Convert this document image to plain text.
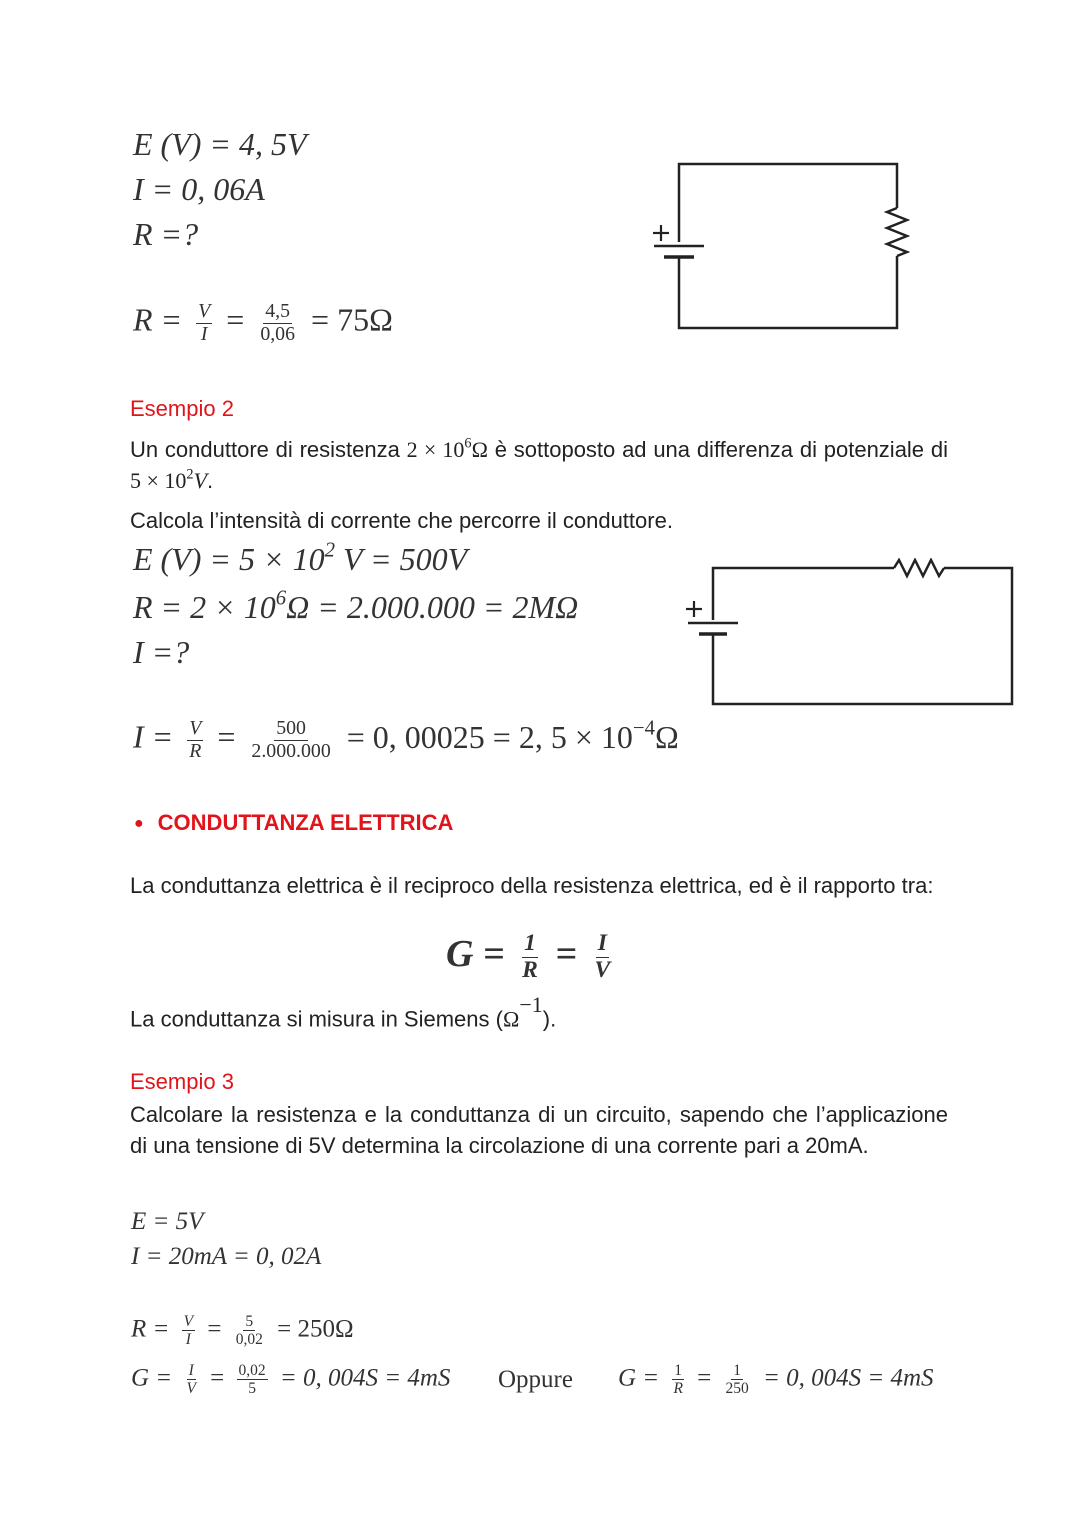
E (V) = 4, 5V
I = 0, 06A
R =?
$R = \frac{V}{I} = \frac{4,5}{0,06} = 75\Omega$
Esempio 2
Un conduttore di resistenza $2 \times 10^6\Omega$ è sottoposto ad una differenza di potenziale di $5 \times 10^2V$.
Calcola l’intensità di corrente che percorre il conduttore.
E $(V) = 5 \times 10^2$ V = 500V
$R = 2 \times 10^6\Omega = 2.000.000 = 2M\Omega$
I =?
$I = \frac{V}{R} = \frac{500}{2.000.000} = 0$, 00025 = 2, $5 \times 10^{-4}\Omega$
● CONDUTTANZA ELETTRICA
La conduttanza elettrica è il reciproco della resistenza elettrica, ed è il rapporto tra:
$G = \frac{1}{R} = \frac{I}{V}$
La conduttanza si misura in Siemens $(\Omega^{-1})$.
Esempio 3
Calcolare la resistenza e la conduttanza di un circuito, sapendo che l’applicazione di una tensione di 5V determina la circolazione di una corrente pari a 20mA.
E = 5V
I = 20mA = 0, 02A
$R = \frac{V}{I} = \frac{5}{0,02} = 250\Omega$
$G = \frac{I}{V} = \frac{0,02}{5} = 0$, 004S = 4mS Oppure $G = \frac{1}{R} = \frac{1}{250} = 0$, 004S = 4mS
